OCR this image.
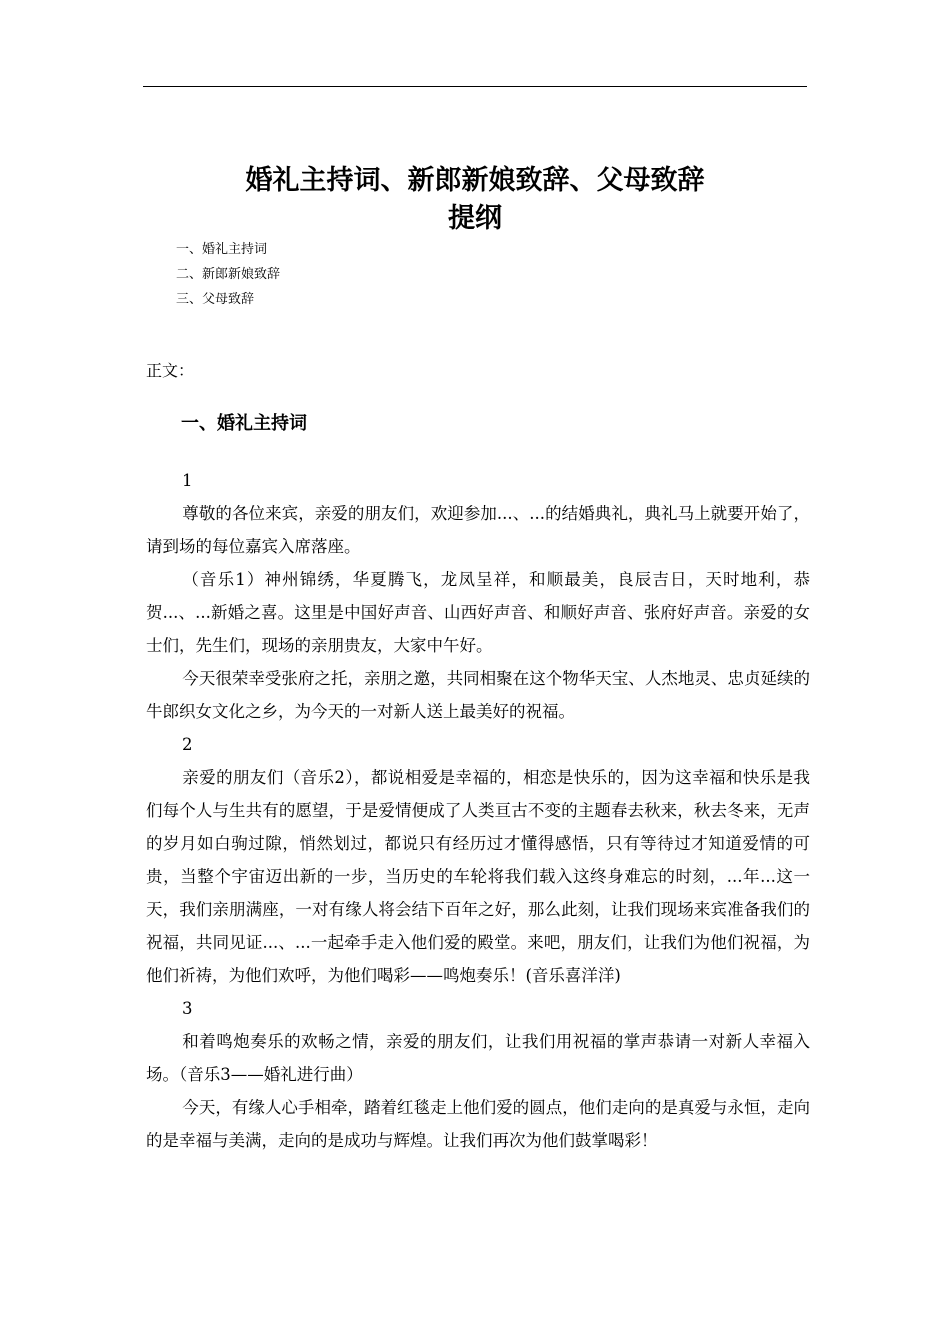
婚礼主持词、新郎新娘致辞、父母致辞
提纲
一、婚礼主持词
二、新郎新娘致辞
三、父母致辞
正文：
一、婚礼主持词

1

尊敬的各位来宾，亲爱的朋友们，欢迎参加...、...的结婚典礼，典礼马上就要开始了，请到场的每位嘉宾入席落座。

（音乐1）神州锦绣，华夏腾飞，龙凤呈祥，和顺最美，良辰吉日，天时地利，恭贺...、...新婚之喜。这里是中国好声音、山西好声音、和顺好声音、张府好声音。亲爱的女士们，先生们，现场的亲朋贵友，大家中午好。

今天很荣幸受张府之托，亲朋之邀，共同相聚在这个物华天宝、人杰地灵、忠贞延续的牛郎织女文化之乡，为今天的一对新人送上最美好的祝福。

2

亲爱的朋友们（音乐2），都说相爱是幸福的，相恋是快乐的，因为这幸福和快乐是我们每个人与生共有的愿望，于是爱情便成了人类亘古不变的主题春去秋来，秋去冬来，无声的岁月如白驹过隙，悄然划过，都说只有经历过才懂得感悟，只有等待过才知道爱情的可贵，当整个宇宙迈出新的一步，当历史的车轮将我们载入这终身难忘的时刻，...年...这一天，我们亲朋满座，一对有缘人将会结下百年之好，那么此刻，让我们现场来宾准备我们的祝福，共同见证...、...一起牵手走入他们爱的殿堂。来吧，朋友们，让我们为他们祝福，为他们祈祷，为他们欢呼，为他们喝彩——鸣炮奏乐！(音乐喜洋洋)

3

和着鸣炮奏乐的欢畅之情，亲爱的朋友们，让我们用祝福的掌声恭请一对新人幸福入场。（音乐3——婚礼进行曲）

今天，有缘人心手相牵，踏着红毯走上他们爱的圆点，他们走向的是真爱与永恒，走向的是幸福与美满，走向的是成功与辉煌。让我们再次为他们鼓掌喝彩！
